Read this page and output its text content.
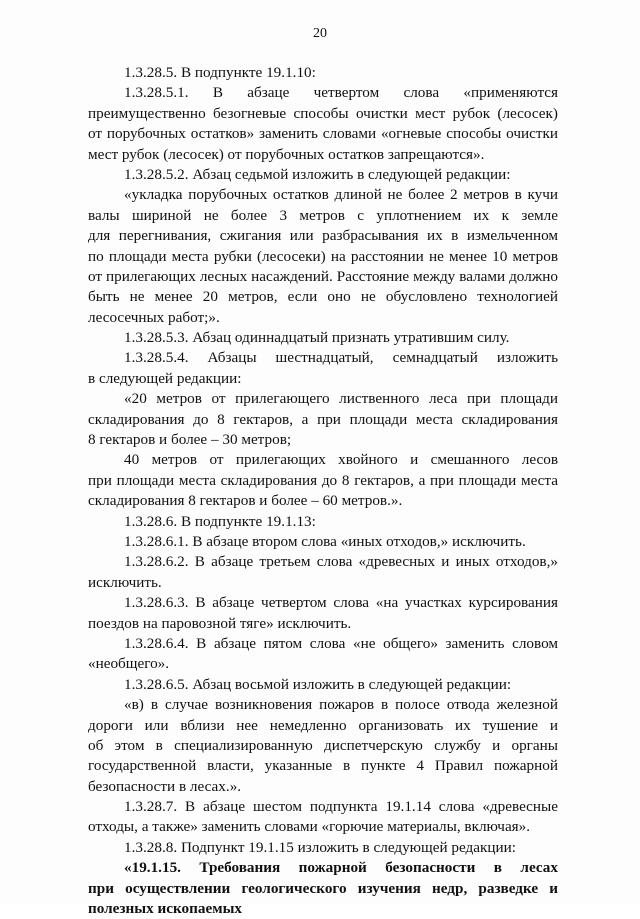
20
1.3.28.5. В подпункте 19.1.10:
1.3.28.5.1. В абзаце четвертом слова «применяются
преимущественно безогневые способы очистки мест рубок (лесосек)
от порубочных остатков» заменить словами «огневые способы очистки
мест рубок (лесосек) от порубочных остатков запрещаются».
1.3.28.5.2. Абзац седьмой изложить в следующей редакции:
«укладка порубочных остатков длиной не более 2 метров в кучи
валы шириной не более 3 метров с уплотнением их к земле
для перегнивания, сжигания или разбрасывания их в измельченном
по площади места рубки (лесосеки) на расстоянии не менее 10 метров
от прилегающих лесных насаждений. Расстояние между валами должно
быть не менее 20 метров, если оно не обусловлено технологией
лесосечных работ;».
1.3.28.5.3. Абзац одиннадцатый признать утратившим силу.
1.3.28.5.4. Абзацы шестнадцатый, семнадцатый изложить
в следующей редакции:
«20 метров от прилегающего лиственного леса при площади
складирования до 8 гектаров, а при площади места складирования
8 гектаров и более – 30 метров;
40 метров от прилегающих хвойного и смешанного лесов
при площади места складирования до 8 гектаров, а при площади места
складирования 8 гектаров и более – 60 метров.».
1.3.28.6. В подпункте 19.1.13:
1.3.28.6.1. В абзаце втором слова «иных отходов,» исключить.
1.3.28.6.2. В абзаце третьем слова «древесных и иных отходов,»
исключить.
1.3.28.6.3. В абзаце четвертом слова «на участках курсирования
поездов на паровозной тяге» исключить.
1.3.28.6.4. В абзаце пятом слова «не общего» заменить словом
«необщего».
1.3.28.6.5. Абзац восьмой изложить в следующей редакции:
«в) в случае возникновения пожаров в полосе отвода железной
дороги или вблизи нее немедленно организовать их тушение и
об этом в специализированную диспетчерскую службу и органы
государственной власти, указанные в пункте 4 Правил пожарной
безопасности в лесах.».
1.3.28.7. В абзаце шестом подпункта 19.1.14 слова «древесные
отходы, а также» заменить словами «горючие материалы, включая».
1.3.28.8. Подпункт 19.1.15 изложить в следующей редакции:
«19.1.15. Требования пожарной безопасности в лесах
при осуществлении геологического изучения недр, разведке и
полезных ископаемых
